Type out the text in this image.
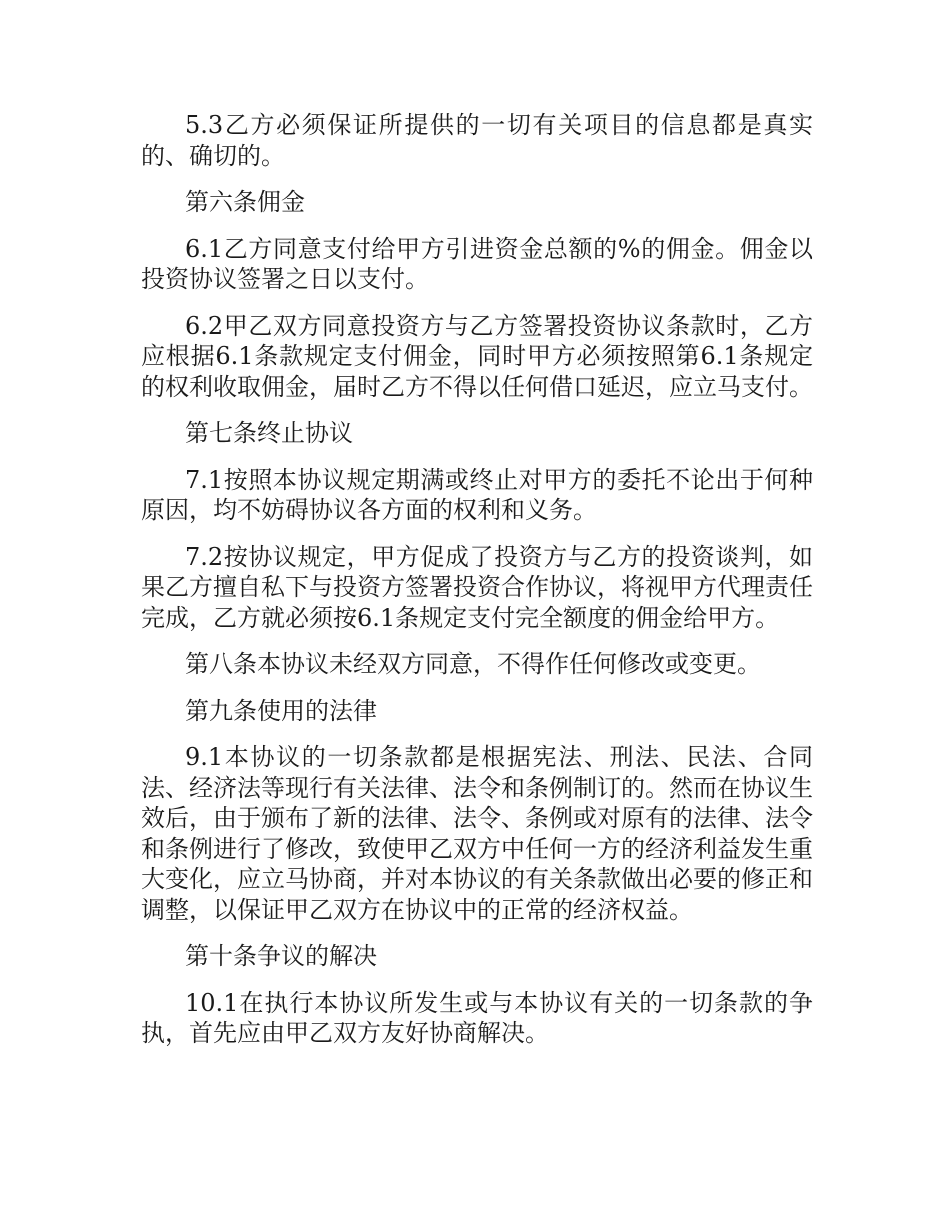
5.3乙方必须保证所提供的一切有关项目的信息都是真实的、确切的。

第六条佣金

6.1乙方同意支付给甲方引进资金总额的%的佣金。佣金以投资协议签署之日以支付。

6.2甲乙双方同意投资方与乙方签署投资协议条款时，乙方应根据6.1条款规定支付佣金，同时甲方必须按照第6.1条规定的权利收取佣金，届时乙方不得以任何借口延迟，应立马支付。

第七条终止协议

7.1按照本协议规定期满或终止对甲方的委托不论出于何种原因，均不妨碍协议各方面的权利和义务。

7.2按协议规定，甲方促成了投资方与乙方的投资谈判，如果乙方擅自私下与投资方签署投资合作协议，将视甲方代理责任完成，乙方就必须按6.1条规定支付完全额度的佣金给甲方。

第八条本协议未经双方同意，不得作任何修改或变更。

第九条使用的法律

9.1本协议的一切条款都是根据宪法、刑法、民法、合同法、经济法等现行有关法律、法令和条例制订的。然而在协议生效后，由于颁布了新的法律、法令、条例或对原有的法律、法令和条例进行了修改，致使甲乙双方中任何一方的经济利益发生重大变化，应立马协商，并对本协议的有关条款做出必要的修正和调整，以保证甲乙双方在协议中的正常的经济权益。

第十条争议的解决

10.1在执行本协议所发生或与本协议有关的一切条款的争执，首先应由甲乙双方友好协商解决。
